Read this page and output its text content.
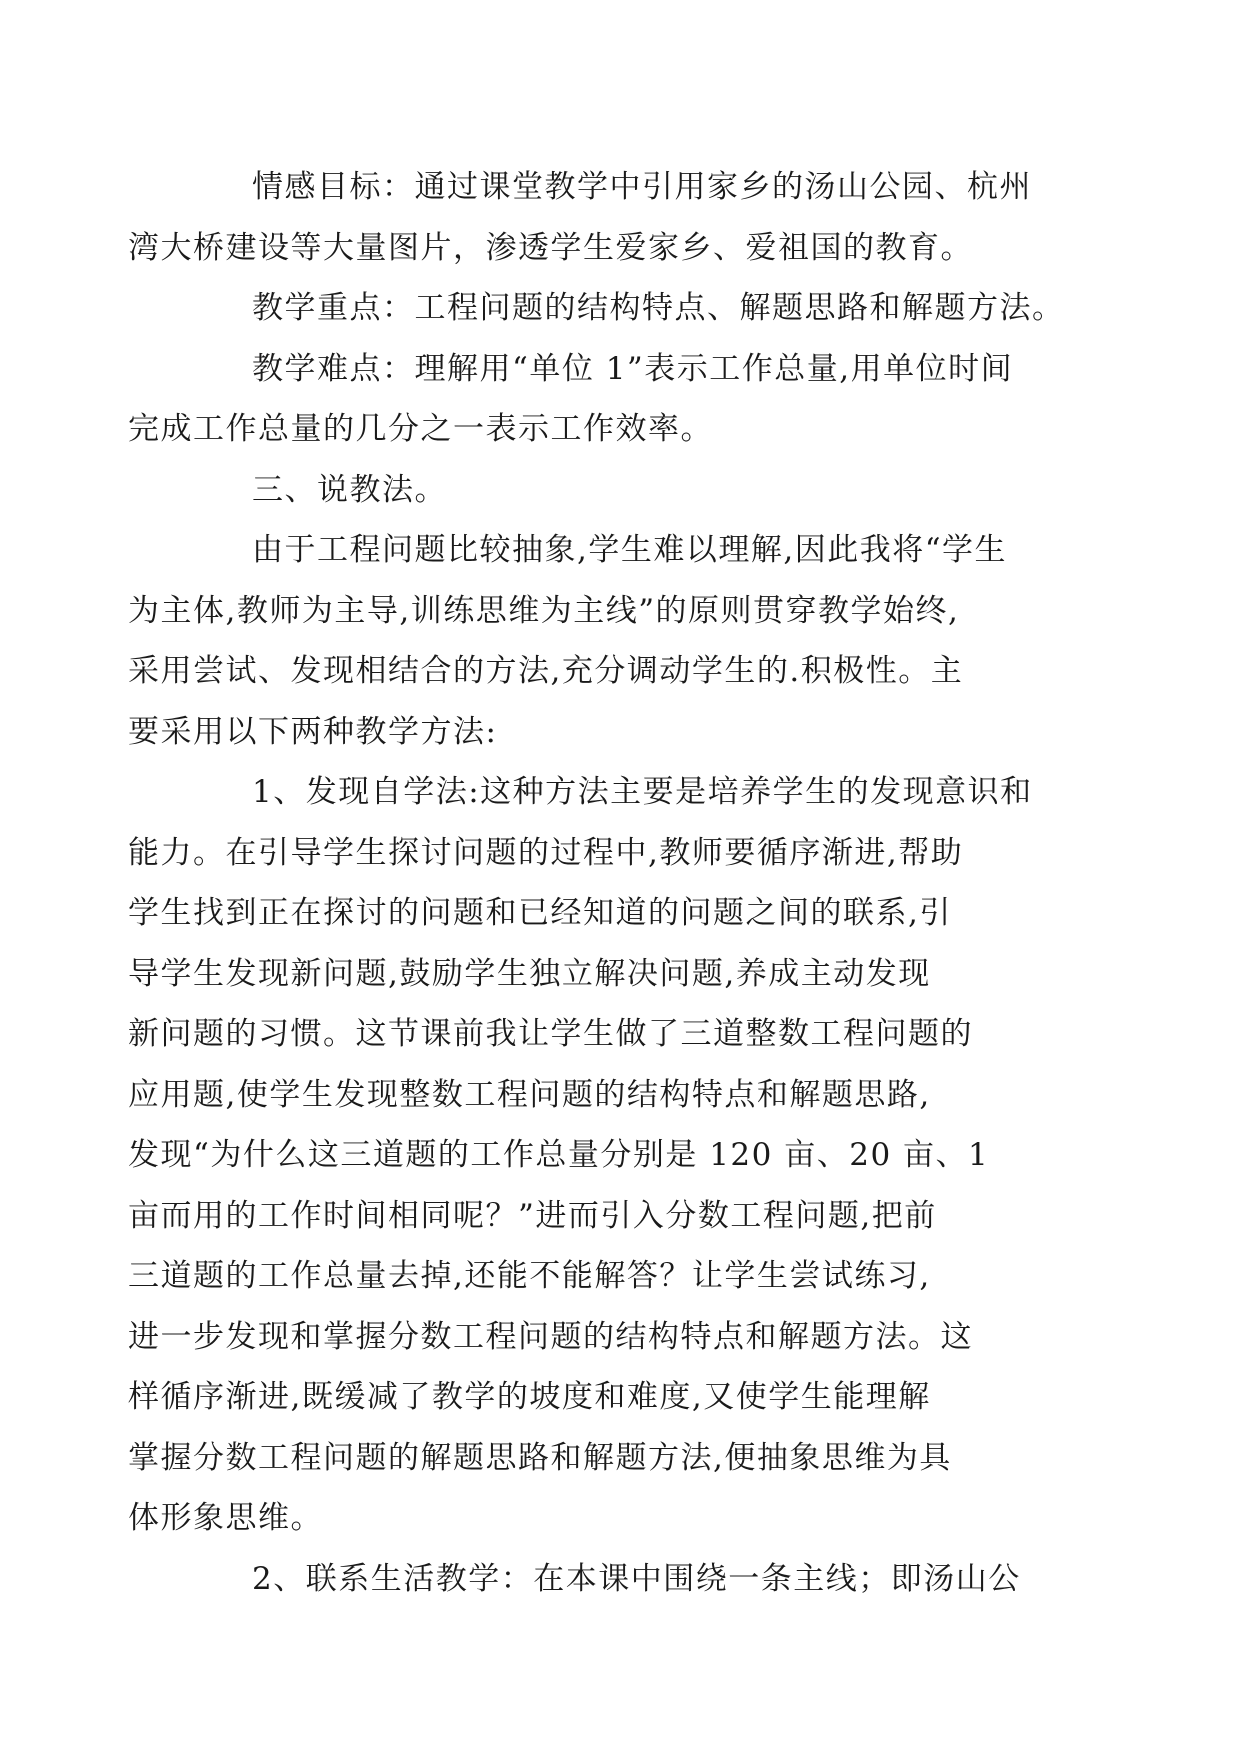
情感目标：通过课堂教学中引用家乡的汤山公园、杭州
湾大桥建设等大量图片，渗透学生爱家乡、爱祖国的教育。

教学重点：工程问题的结构特点、解题思路和解题方法。

教学难点：理解用“单位 1”表示工作总量,用单位时间
完成工作总量的几分之一表示工作效率。

三、说教法。

由于工程问题比较抽象,学生难以理解,因此我将“学生
为主体,教师为主导,训练思维为主线”的原则贯穿教学始终,
采用尝试、发现相结合的方法,充分调动学生的.积极性。主
要采用以下两种教学方法:

1、发现自学法:这种方法主要是培养学生的发现意识和
能力。在引导学生探讨问题的过程中,教师要循序渐进,帮助
学生找到正在探讨的问题和已经知道的问题之间的联系,引
导学生发现新问题,鼓励学生独立解决问题,养成主动发现
新问题的习惯。这节课前我让学生做了三道整数工程问题的
应用题,使学生发现整数工程问题的结构特点和解题思路,
发现“为什么这三道题的工作总量分别是 120 亩、20 亩、1
亩而用的工作时间相同呢？”进而引入分数工程问题,把前
三道题的工作总量去掉,还能不能解答？让学生尝试练习,
进一步发现和掌握分数工程问题的结构特点和解题方法。这
样循序渐进,既缓减了教学的坡度和难度,又使学生能理解
掌握分数工程问题的解题思路和解题方法,便抽象思维为具
体形象思维。

2、联系生活教学：在本课中围绕一条主线；即汤山公
